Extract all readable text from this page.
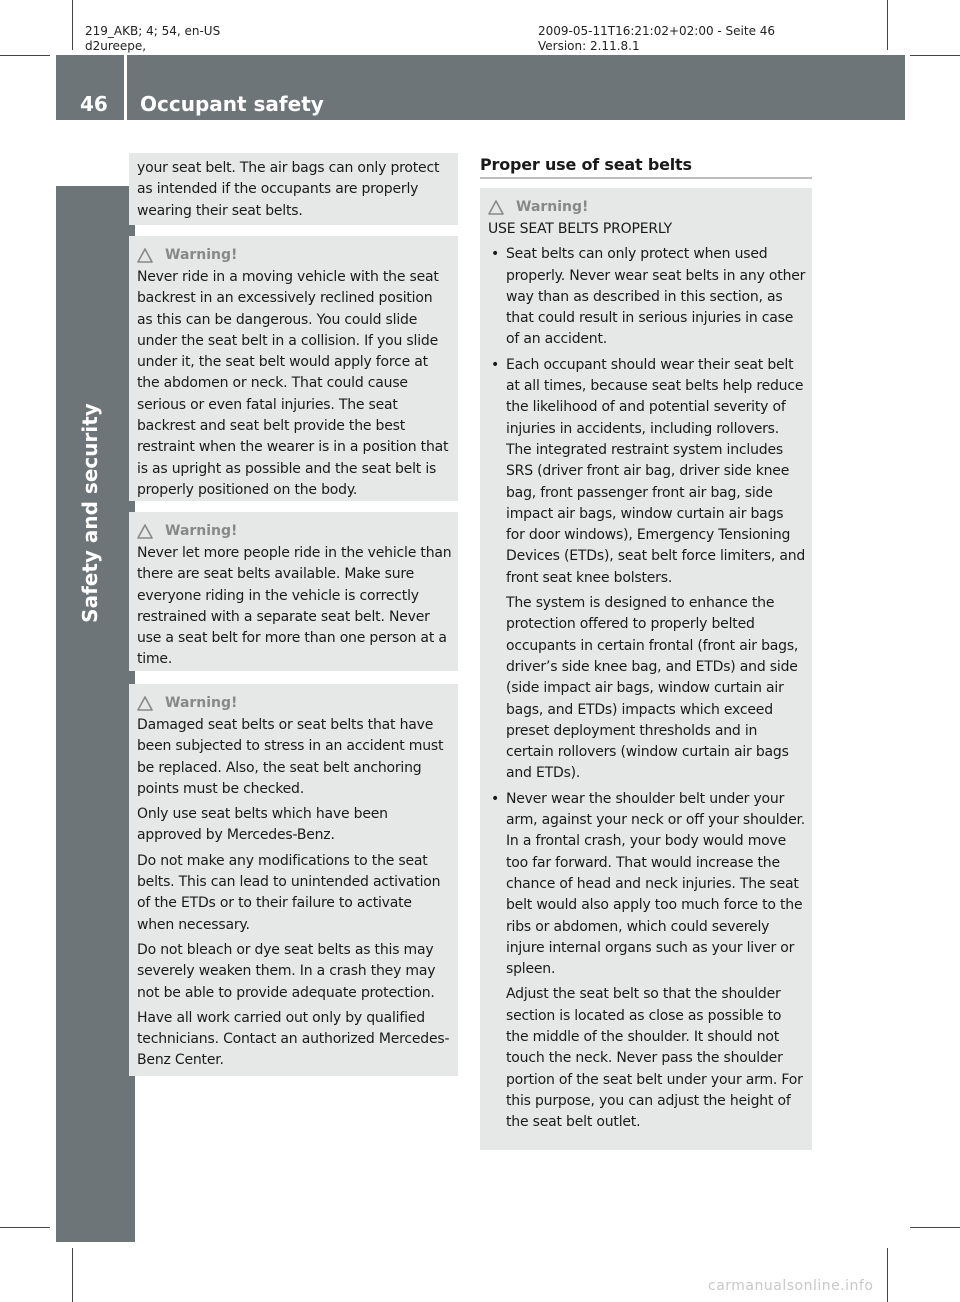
219_AKB; 4; 54, en-US
d2ureepe,
2009-05-11T16:21:02+02:00 - Seite 46
Version: 2.11.8.1
46 Occupant safety
Safety and security

your seat belt. The air bags can only protect as intended if the occupants are properly wearing their seat belts.

Warning!

Never ride in a moving vehicle with the seat backrest in an excessively reclined position as this can be dangerous. You could slide under the seat belt in a collision. If you slide under it, the seat belt would apply force at the abdomen or neck. That could cause serious or even fatal injuries. The seat backrest and seat belt provide the best restraint when the wearer is in a position that is as upright as possible and the seat belt is properly positioned on the body.

Warning!

Never let more people ride in the vehicle than there are seat belts available. Make sure everyone riding in the vehicle is correctly restrained with a separate seat belt. Never use a seat belt for more than one person at a time.

Warning!

Damaged seat belts or seat belts that have been subjected to stress in an accident must be replaced. Also, the seat belt anchoring points must be checked.

Only use seat belts which have been approved by Mercedes-Benz.

Do not make any modifications to the seat belts. This can lead to unintended activation of the ETDs or to their failure to activate when necessary.

Do not bleach or dye seat belts as this may severely weaken them. In a crash they may not be able to provide adequate protection.

Have all work carried out only by qualified technicians. Contact an authorized Mercedes-Benz Center.

Proper use of seat belts
Warning!

USE SEAT BELTS PROPERLY

• Seat belts can only protect when used properly. Never wear seat belts in any other way than as described in this section, as that could result in serious injuries in case of an accident.

• Each occupant should wear their seat belt at all times, because seat belts help reduce the likelihood of and potential severity of injuries in accidents, including rollovers. The integrated restraint system includes SRS (driver front air bag, driver side knee bag, front passenger front air bag, side impact air bags, window curtain air bags for door windows), Emergency Tensioning Devices (ETDs), seat belt force limiters, and front seat knee bolsters.

The system is designed to enhance the protection offered to properly belted occupants in certain frontal (front air bags, driver’s side knee bag, and ETDs) and side (side impact air bags, window curtain air bags, and ETDs) impacts which exceed preset deployment thresholds and in certain rollovers (window curtain air bags and ETDs).

• Never wear the shoulder belt under your arm, against your neck or off your shoulder. In a frontal crash, your body would move too far forward. That would increase the chance of head and neck injuries. The seat belt would also apply too much force to the ribs or abdomen, which could severely injure internal organs such as your liver or spleen.

Adjust the seat belt so that the shoulder section is located as close as possible to the middle of the shoulder. It should not touch the neck. Never pass the shoulder portion of the seat belt under your arm. For this purpose, you can adjust the height of the seat belt outlet.

carmanualsonline.info
